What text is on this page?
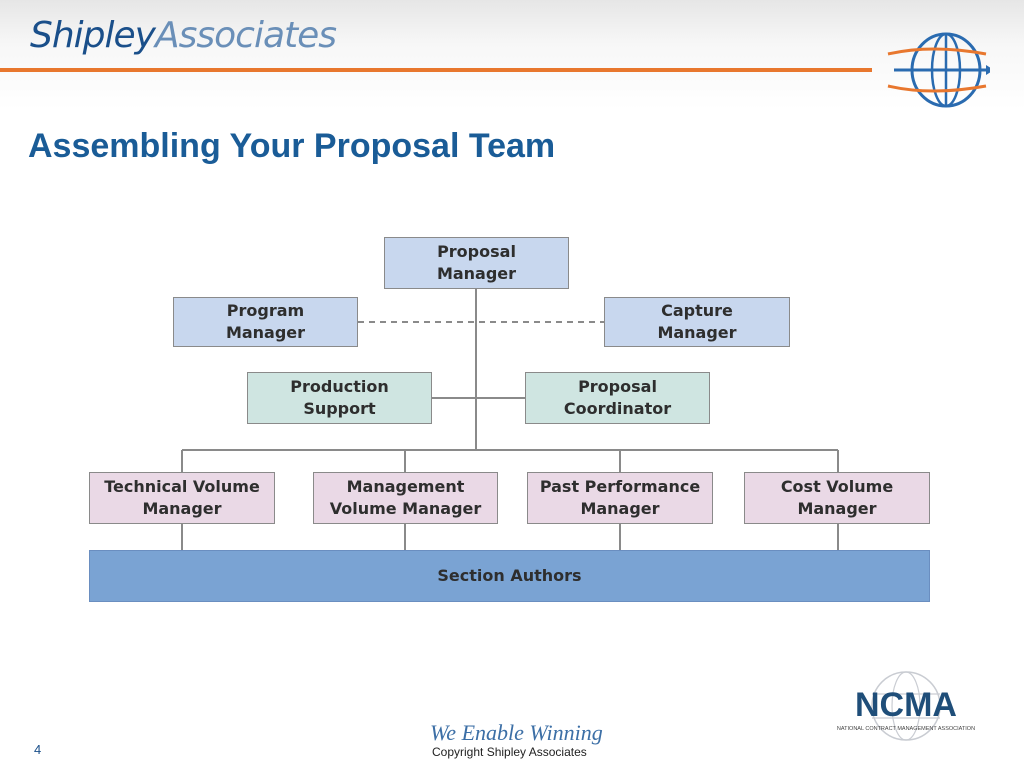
ShipleyAssociates
Assembling Your Proposal Team
Proposal
Manager
Program
Manager
Capture
Manager
Production
Support
Proposal
Coordinator
Technical Volume
Manager
Management
Volume Manager
Past Performance
Manager
Cost Volume
Manager
Section Authors
We Enable Winning
Copyright Shipley Associates
4
NCMA
NATIONAL CONTRACT MANAGEMENT ASSOCIATION
